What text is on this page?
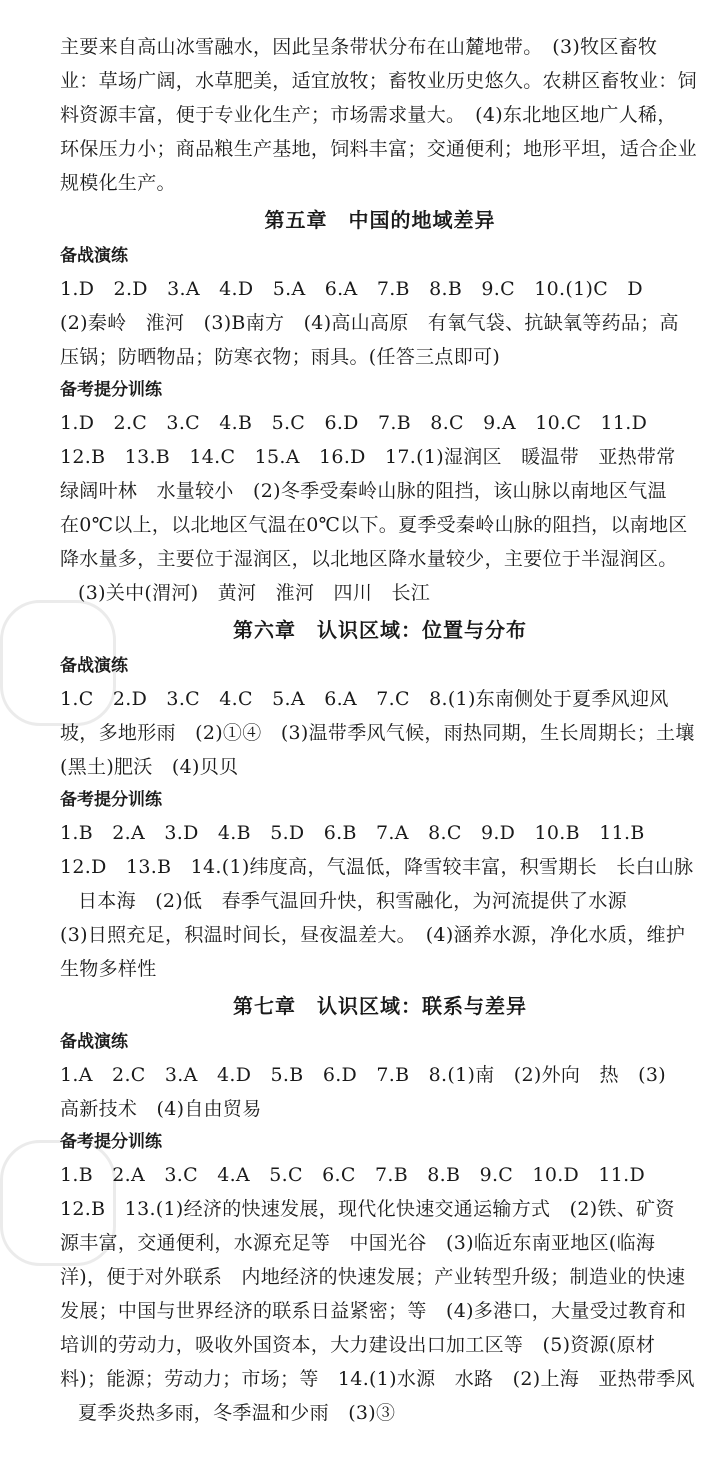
主要来自高山冰雪融水，因此呈条带状分布在山麓地带。　(3)牧区畜牧
业：草场广阔，水草肥美，适宜放牧；畜牧业历史悠久。农耕区畜牧业：饲
料资源丰富，便于专业化生产；市场需求量大。　(4)东北地区地广人稀，
环保压力小；商品粮生产基地，饲料丰富；交通便利；地形平坦，适合企业
规模化生产。
第五章　中国的地域差异
备战演练
1.D　2.D　3.A　4.D　5.A　6.A　7.B　8.B　9.C　10.(1)C　D
(2)秦岭　淮河　(3)B南方　(4)高山高原　有氧气袋、抗缺氧等药品；高
压锅；防晒物品；防寒衣物；雨具。(任答三点即可)
备考提分训练
1.D　2.C　3.C　4.B　5.C　6.D　7.B　8.C　9.A　10.C　11.D
12.B　13.B　14.C　15.A　16.D　17.(1)湿润区　暖温带　亚热带常
绿阔叶林　水量较小　(2)冬季受秦岭山脉的阻挡，该山脉以南地区气温
在0℃以上，以北地区气温在0℃以下。夏季受秦岭山脉的阻挡，以南地区
降水量多，主要位于湿润区，以北地区降水量较少，主要位于半湿润区。
(3)关中(渭河)　黄河　淮河　四川　长江
第六章　认识区域：位置与分布
备战演练
1.C　2.D　3.C　4.C　5.A　6.A　7.C　8.(1)东南侧处于夏季风迎风
坡，多地形雨　(2)①④　(3)温带季风气候，雨热同期，生长周期长；土壤
(黑土)肥沃　(4)贝贝
备考提分训练
1.B　2.A　3.D　4.B　5.D　6.B　7.A　8.C　9.D　10.B　11.B
12.D　13.B　14.(1)纬度高，气温低，降雪较丰富，积雪期长　长白山脉
日本海　(2)低　春季气温回升快，积雪融化，为河流提供了水源
(3)日照充足，积温时间长，昼夜温差大。　(4)涵养水源，净化水质，维护
生物多样性
第七章　认识区域：联系与差异
备战演练
1.A　2.C　3.A　4.D　5.B　6.D　7.B　8.(1)南　(2)外向　热　(3)
高新技术　(4)自由贸易
备考提分训练
1.B　2.A　3.C　4.A　5.C　6.C　7.B　8.B　9.C　10.D　11.D
12.B　13.(1)经济的快速发展，现代化快速交通运输方式　(2)铁、矿资
源丰富，交通便利，水源充足等　中国光谷　(3)临近东南亚地区(临海
洋)，便于对外联系　内地经济的快速发展；产业转型升级；制造业的快速
发展；中国与世界经济的联系日益紧密；等　(4)多港口，大量受过教育和
培训的劳动力，吸收外国资本，大力建设出口加工区等　(5)资源(原材
料)；能源；劳动力；市场；等　14.(1)水源　水路　(2)上海　亚热带季风
夏季炎热多雨，冬季温和少雨　(3)③
